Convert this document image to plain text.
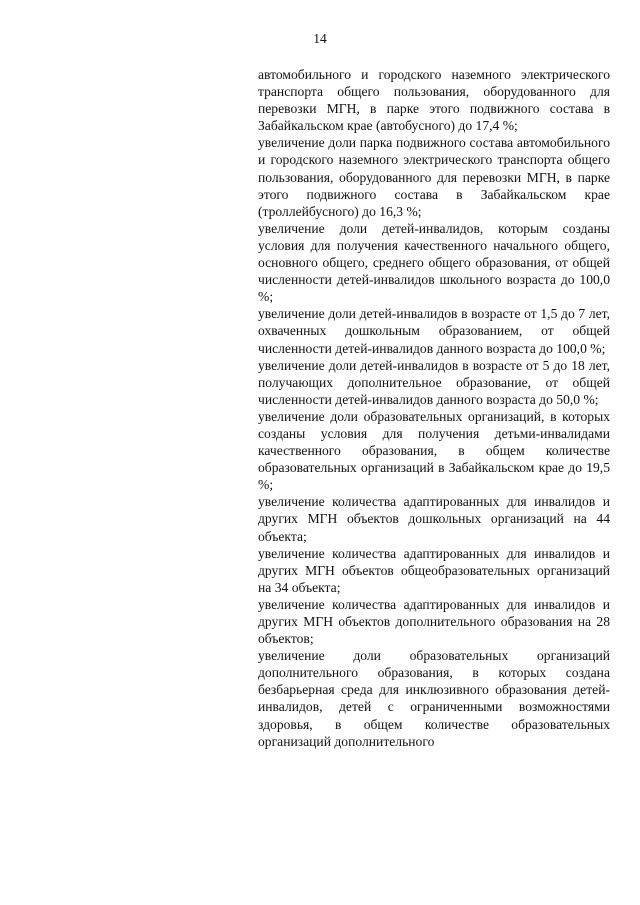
14

автомобильного и городского наземного электрического транспорта общего пользования, оборудованного для перевозки МГН, в парке этого подвижного состава в Забайкальском крае (автобусного) до 17,4 %;

увеличение доли парка подвижного состава автомобильного и городского наземного электрического транспорта общего пользования, оборудованного для перевозки МГН, в парке этого подвижного состава в Забайкальском крае (троллейбусного) до 16,3 %;

увеличение доли детей-инвалидов, которым созданы условия для получения качественного начального общего, основного общего, среднего общего образования, от общей численности детей-инвалидов школьного возраста до 100,0 %;

увеличение доли детей-инвалидов в возрасте от 1,5 до 7 лет, охваченных дошкольным образованием, от общей численности детей-инвалидов данного возраста до 100,0 %;

увеличение доли детей-инвалидов в возрасте от 5 до 18 лет, получающих дополнительное образование, от общей численности детей-инвалидов данного возраста до 50,0 %;

увеличение доли образовательных организаций, в которых созданы условия для получения детьми-инвалидами качественного образования, в общем количестве образовательных организаций в Забайкальском крае до 19,5 %;

увеличение количества адаптированных для инвалидов и других МГН объектов дошкольных организаций на 44 объекта;

увеличение количества адаптированных для инвалидов и других МГН объектов общеобразовательных организаций на 34 объекта;

увеличение количества адаптированных для инвалидов и других МГН объектов дополнительного образования на 28 объектов;

увеличение доли образовательных организаций дополнительного образования, в которых создана безбарьерная среда для инклюзивного образования детей-инвалидов, детей с ограниченными возможностями здоровья, в общем количестве образовательных организаций дополнительного
